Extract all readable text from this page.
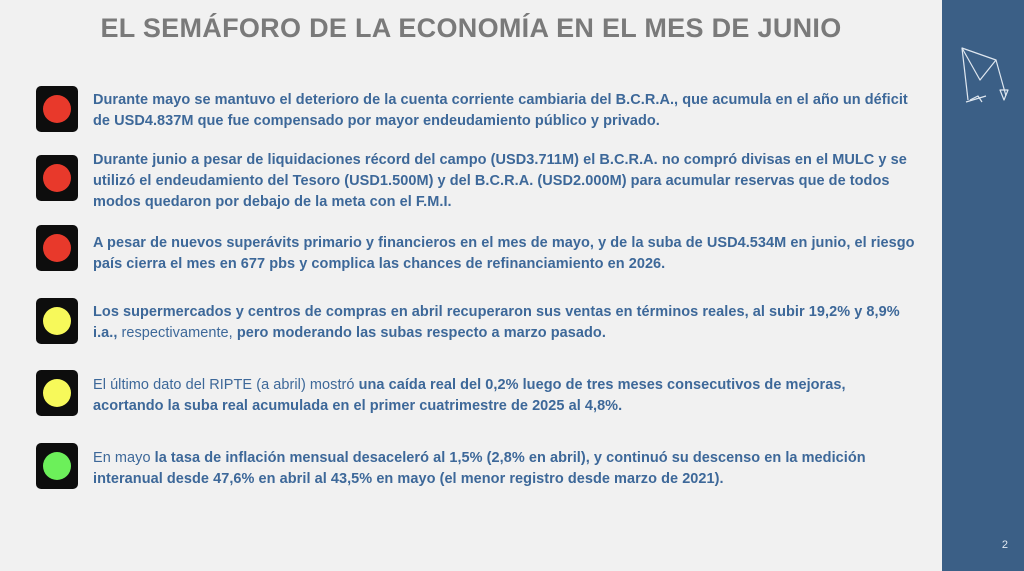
EL SEMÁFORO DE LA ECONOMÍA EN EL MES DE JUNIO
Durante mayo se mantuvo el deterioro de la cuenta corriente cambiaria del B.C.R.A., que acumula en el año un déficit de USD4.837M que fue compensado por mayor endeudamiento público y privado.
Durante junio a pesar de liquidaciones récord del campo (USD3.711M) el B.C.R.A. no compró divisas en el MULC y se utilizó el endeudamiento del Tesoro (USD1.500M) y del B.C.R.A. (USD2.000M) para acumular reservas que de todos modos quedaron por debajo de la meta con el F.M.I.
A pesar de nuevos superávits primario y financieros en el mes de mayo, y de la suba de USD4.534M en junio, el riesgo país cierra el mes en 677 pbs y complica las chances de refinanciamiento en 2026.
Los supermercados y centros de compras en abril recuperaron sus ventas en términos reales, al subir 19,2% y 8,9% i.a., respectivamente, pero moderando las subas respecto a marzo pasado.
El último dato del RIPTE (a abril) mostró una caída real del 0,2% luego de tres meses consecutivos de mejoras, acortando la suba real acumulada en el primer cuatrimestre de 2025 al 4,8%.
En mayo la tasa de inflación mensual desaceleró al 1,5% (2,8% en abril), y continuó su descenso en la medición interanual desde 47,6% en abril al 43,5% en mayo (el menor registro desde marzo de 2021).
2
